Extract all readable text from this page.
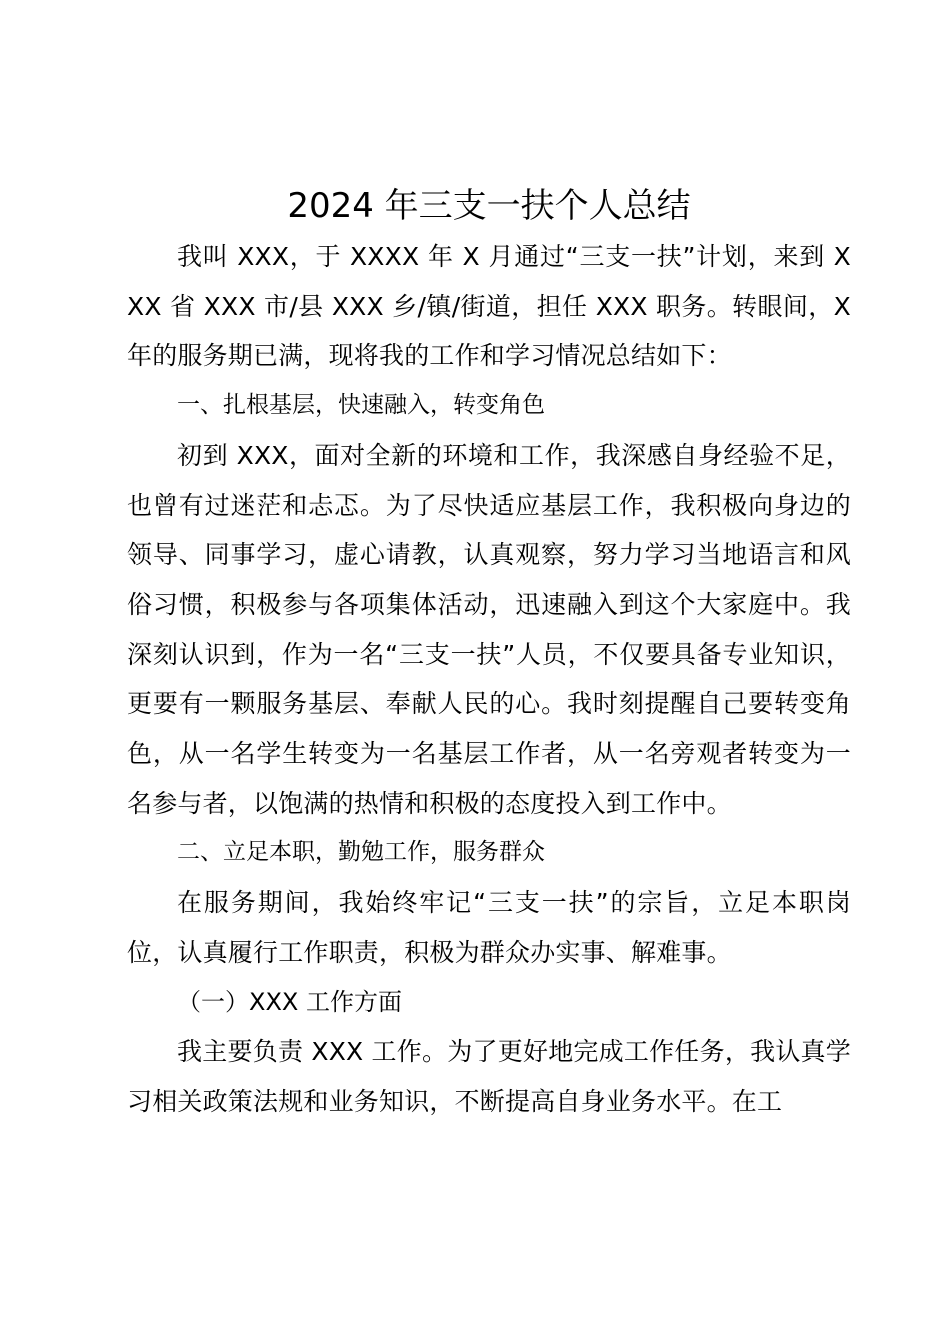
2024 年三支一扶个人总结

我叫 XXX，于 XXXX 年 X 月通过“三支一扶”计划，来到 XXX 省 XXX 市/县 XXX 乡/镇/街道，担任 XXX 职务。转眼间，X 年的服务期已满，现将我的工作和学习情况总结如下：

一、扎根基层，快速融入，转变角色

初到 XXX，面对全新的环境和工作，我深感自身经验不足，也曾有过迷茫和忐忑。为了尽快适应基层工作，我积极向身边的领导、同事学习，虚心请教，认真观察，努力学习当地语言和风俗习惯，积极参与各项集体活动，迅速融入到这个大家庭中。我深刻认识到，作为一名“三支一扶”人员，不仅要具备专业知识，更要有一颗服务基层、奉献人民的心。我时刻提醒自己要转变角色，从一名学生转变为一名基层工作者，从一名旁观者转变为一名参与者，以饱满的热情和积极的态度投入到工作中。

二、立足本职，勤勉工作，服务群众

在服务期间，我始终牢记“三支一扶”的宗旨，立足本职岗位，认真履行工作职责，积极为群众办实事、解难事。

（一）XXX 工作方面

我主要负责 XXX 工作。为了更好地完成工作任务，我认真学习相关政策法规和业务知识，不断提高自身业务水平。在工
